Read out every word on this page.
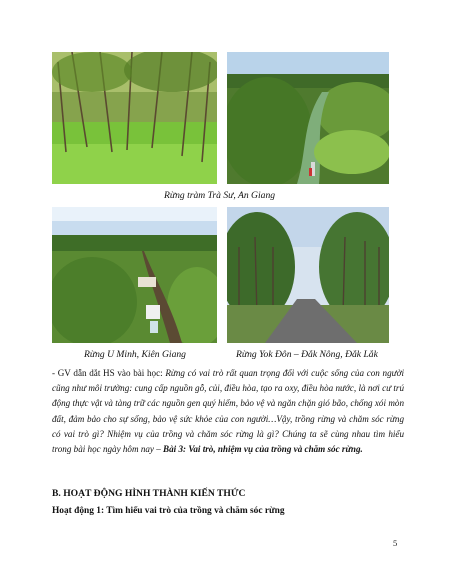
Rừng tràm Trà Sư, An Giang
Rừng U Minh, Kiên Giang	Rừng Yok Đôn – Đắk Nông, Đắk Lắk
- GV dẫn dắt HS vào bài học: Rừng có vai trò rất quan trọng đối với cuộc sống của con người cũng như môi trường: cung cấp nguồn gỗ, củi, điều hòa, tạo ra oxy, điều hòa nước, là nơi cư trú động thực vật và tàng trữ các nguồn gen quý hiếm, bảo vệ và ngăn chặn gió bão, chống xói mòn đất, đảm bảo cho sự sống, bảo vệ sức khỏe của con người…Vậy, trồng rừng và chăm sóc rừng có vai trò gì? Nhiệm vụ của trồng và chăm sóc rừng là gì? Chúng ta sẽ cùng nhau tìm hiểu trong bài học ngày hôm nay – Bài 3: Vai trò, nhiệm vụ của trồng và chăm sóc rừng.
B. HOẠT ĐỘNG HÌNH THÀNH KIẾN THỨC
Hoạt động 1: Tìm hiểu vai trò của trồng và chăm sóc rừng
5
